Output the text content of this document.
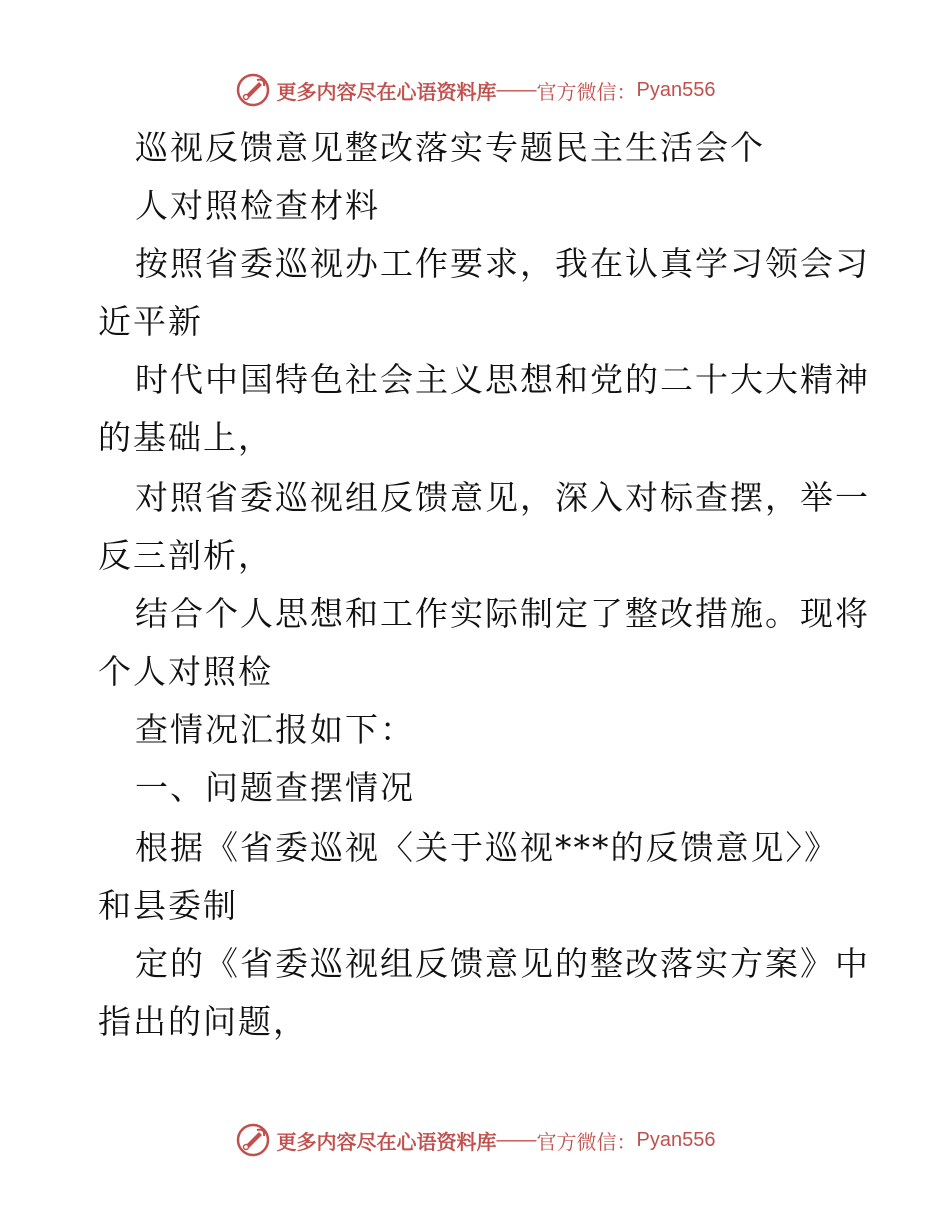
更多内容尽在心语资料库 —— 官方微信： Pyan556
巡视反馈意见整改落实专题民主生活会个
人对照检查材料
按照省委巡视办工作要求，我在认真学习领会习
近平新
时代中国特色社会主义思想和党的二十大大精神
的基础上，
对照省委巡视组反馈意见，深入对标查摆，举一
反三剖析，
结合个人思想和工作实际制定了整改措施。现将
个人对照检
查情况汇报如下：
一、问题查摆情况
根据《省委巡视〈关于巡视***的反馈意见〉》
和县委制
定的《省委巡视组反馈意见的整改落实方案》中
指出的问题，
更多内容尽在心语资料库 —— 官方微信： Pyan556
